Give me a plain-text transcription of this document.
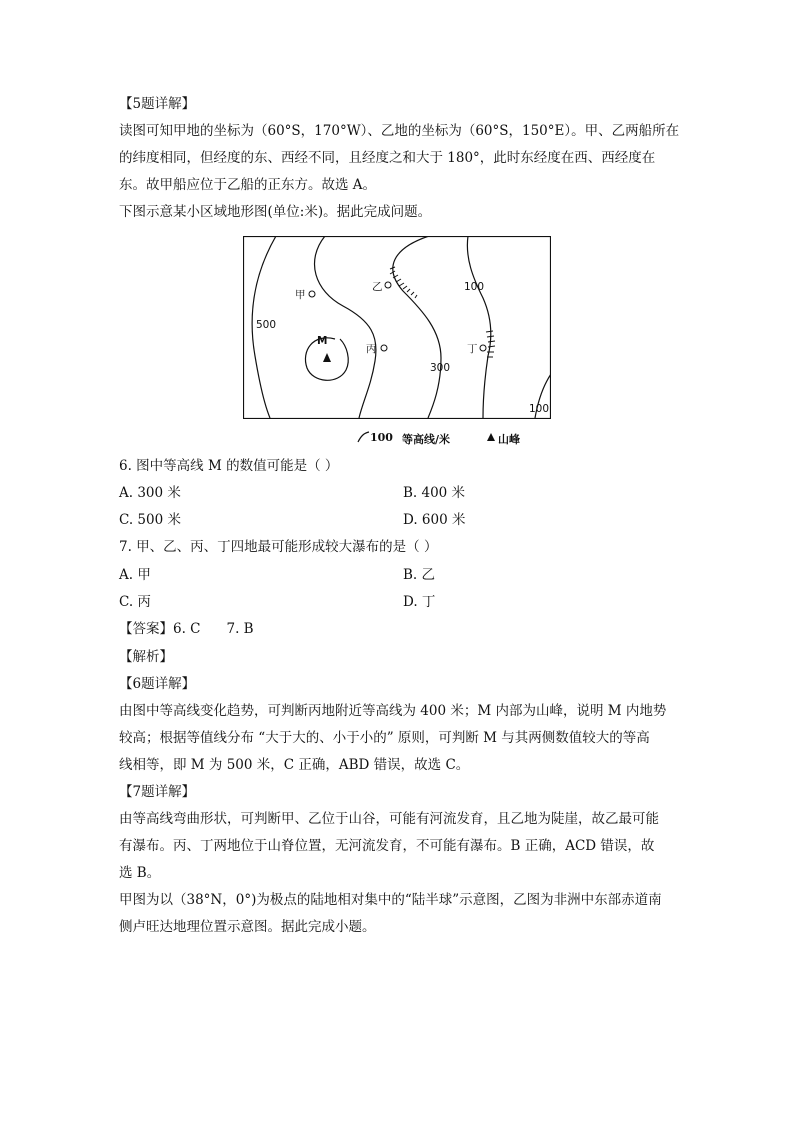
【5题详解】
读图可知甲地的坐标为（60°S，170°W）、乙地的坐标为（60°S，150°E）。甲、乙两船所在
的纬度相同，但经度的东、西经不同，且经度之和大于 180°，此时东经度在西、西经度在
东。故甲船应位于乙船的正东方。故选 A。
下图示意某小区域地形图(单位:米)。据此完成问题。
甲
乙
丙	丁
M
500
300
100
100
100 等高线/米	山峰
6. 图中等高线 M 的数值可能是（ ）
A. 300 米	B. 400 米
C. 500 米	D. 600 米
7. 甲、乙、丙、丁四地最可能形成较大瀑布的是（ ）
A. 甲	B. 乙
C. 丙	D. 丁
【答案】6. C 7. B
【解析】
【6题详解】
由图中等高线变化趋势，可判断丙地附近等高线为 400 米；M 内部为山峰，说明 M 内地势
较高；根据等值线分布 “大于大的、小于小的” 原则，可判断 M 与其两侧数值较大的等高
线相等，即 M 为 500 米，C 正确，ABD 错误，故选 C。
【7题详解】
由等高线弯曲形状，可判断甲、乙位于山谷，可能有河流发育，且乙地为陡崖，故乙最可能
有瀑布。丙、丁两地位于山脊位置，无河流发育，不可能有瀑布。B 正确，ACD 错误，故
选 B。
甲图为以（38°N，0°)为极点的陆地相对集中的“陆半球”示意图，乙图为非洲中东部赤道南
侧卢旺达地理位置示意图。据此完成小题。
